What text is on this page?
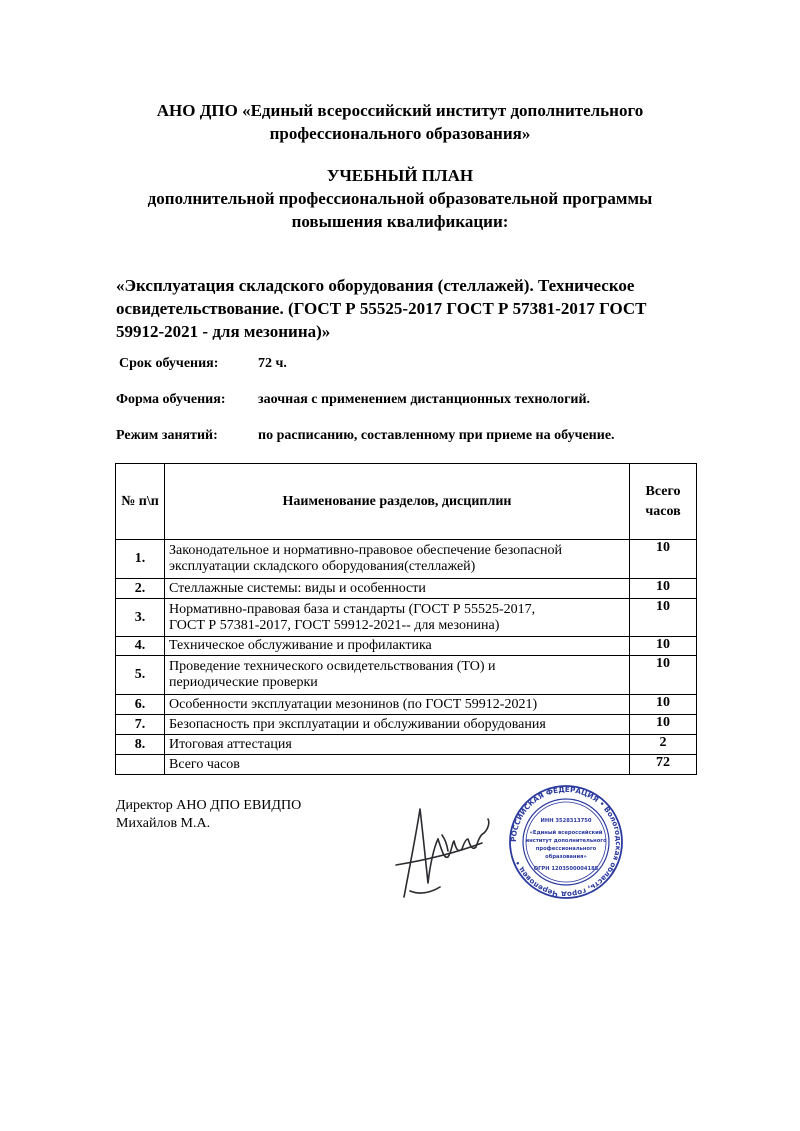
АНО ДПО «Единый всероссийский институт дополнительного
профессионального образования»
УЧЕБНЫЙ ПЛАН
дополнительной профессиональной образовательной программы
повышения квалификации:
«Эксплуатация складского оборудования (стеллажей). Техническое
освидетельствование. (ГОСТ Р 55525-2017 ГОСТ Р 57381-2017 ГОСТ
59912-2021 - для мезонина)»
Срок обучения:	72 ч.
Форма обучения: заочная с применением дистанционных технологий.
Режим занятий:	по расписанию, составленному при приеме на обучение.
№ п\п	Наименование разделов, дисциплин	Всего
часов

1.	Законодательное и нормативно-правовое обеспечение безопасной
эксплуатации складского оборудования(стеллажей)	10
2.	Стеллажные системы: виды и особенности	10
3.	Нормативно-правовая база и стандарты (ГОСТ Р 55525-2017,
ГОСТ Р 57381-2017, ГОСТ 59912-2021-- для мезонина)	10
4.	Техническое обслуживание и профилактика	10
5.	Проведение технического освидетельствования (ТО) и
периодические проверки	10
6.	Особенности эксплуатации мезонинов (по ГОСТ 59912-2021)	10
7.	Безопасность при эксплуатации и обслуживании оборудования	10
8.	Итоговая аттестация	2
	Всего часов	72
Директор АНО ДПО ЕВИДПО
Михайлов М.А.
РОССИЙСКАЯ ФЕДЕРАЦИЯ • Вологодская область, город Череповец •
ИНН 3528313750
«Единый всероссийский
институт дополнительного
профессионального
образования»
ОГРН 1203500004185
